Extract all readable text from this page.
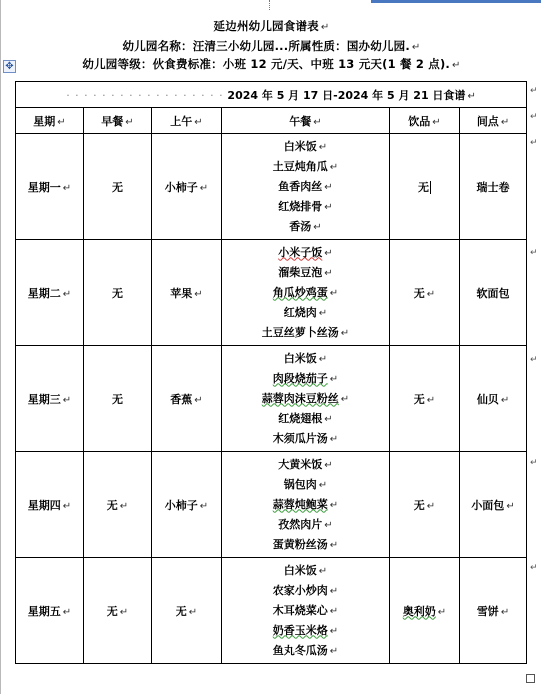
延边州幼儿园食谱表 ↵
幼儿园名称：汪清三小幼儿园...所属性质：国办幼儿园. ↵
幼儿园等级：伙食费标准：小班 12 元/天、中班 13 元天(1 餐 2 点). ↵
✥
· · · · · · · · · · · · · · · · · · 2024 年 5 月 17 日-2024 年 5 月 21 日食谱 ↵					
星期 ↵	早餐 ↵	上午 ↵	午餐 ↵	饮品 ↵	间点 ↵
星期一 ↵	无	小柿子 ↵	白米饭 ↵
土豆炖角瓜 ↵
鱼香肉丝 ↵
红烧排骨 ↵
香汤 ↵	无	瑞士卷
星期二 ↵	无	苹果 ↵	小米子饭 ↵
溜柴豆泡 ↵
角瓜炒鸡蛋 ↵
红烧肉 ↵
土豆丝萝卜丝汤 ↵	无 ↵	软面包
星期三 ↵	无	香蕉 ↵	白米饭 ↵
肉段烧茄子 ↵
蒜蓉肉沫豆粉丝 ↵
红烧翅根 ↵
木须瓜片汤 ↵	无 ↵	仙贝 ↵
星期四 ↵	无 ↵	小柿子 ↵	大黄米饭 ↵
锅包肉 ↵
蒜蓉炖鲍菜 ↵
孜然肉片 ↵
蛋黄粉丝汤 ↵	无 ↵	小面包 ↵
星期五 ↵	无 ↵	无 ↵	白米饭 ↵
农家小炒肉 ↵
木耳烧菜心 ↵
奶香玉米烙 ↵
鱼丸冬瓜汤 ↵	奥利奶 ↵	雪饼 ↵
↵
↵
↵
↵
↵
↵
↵
